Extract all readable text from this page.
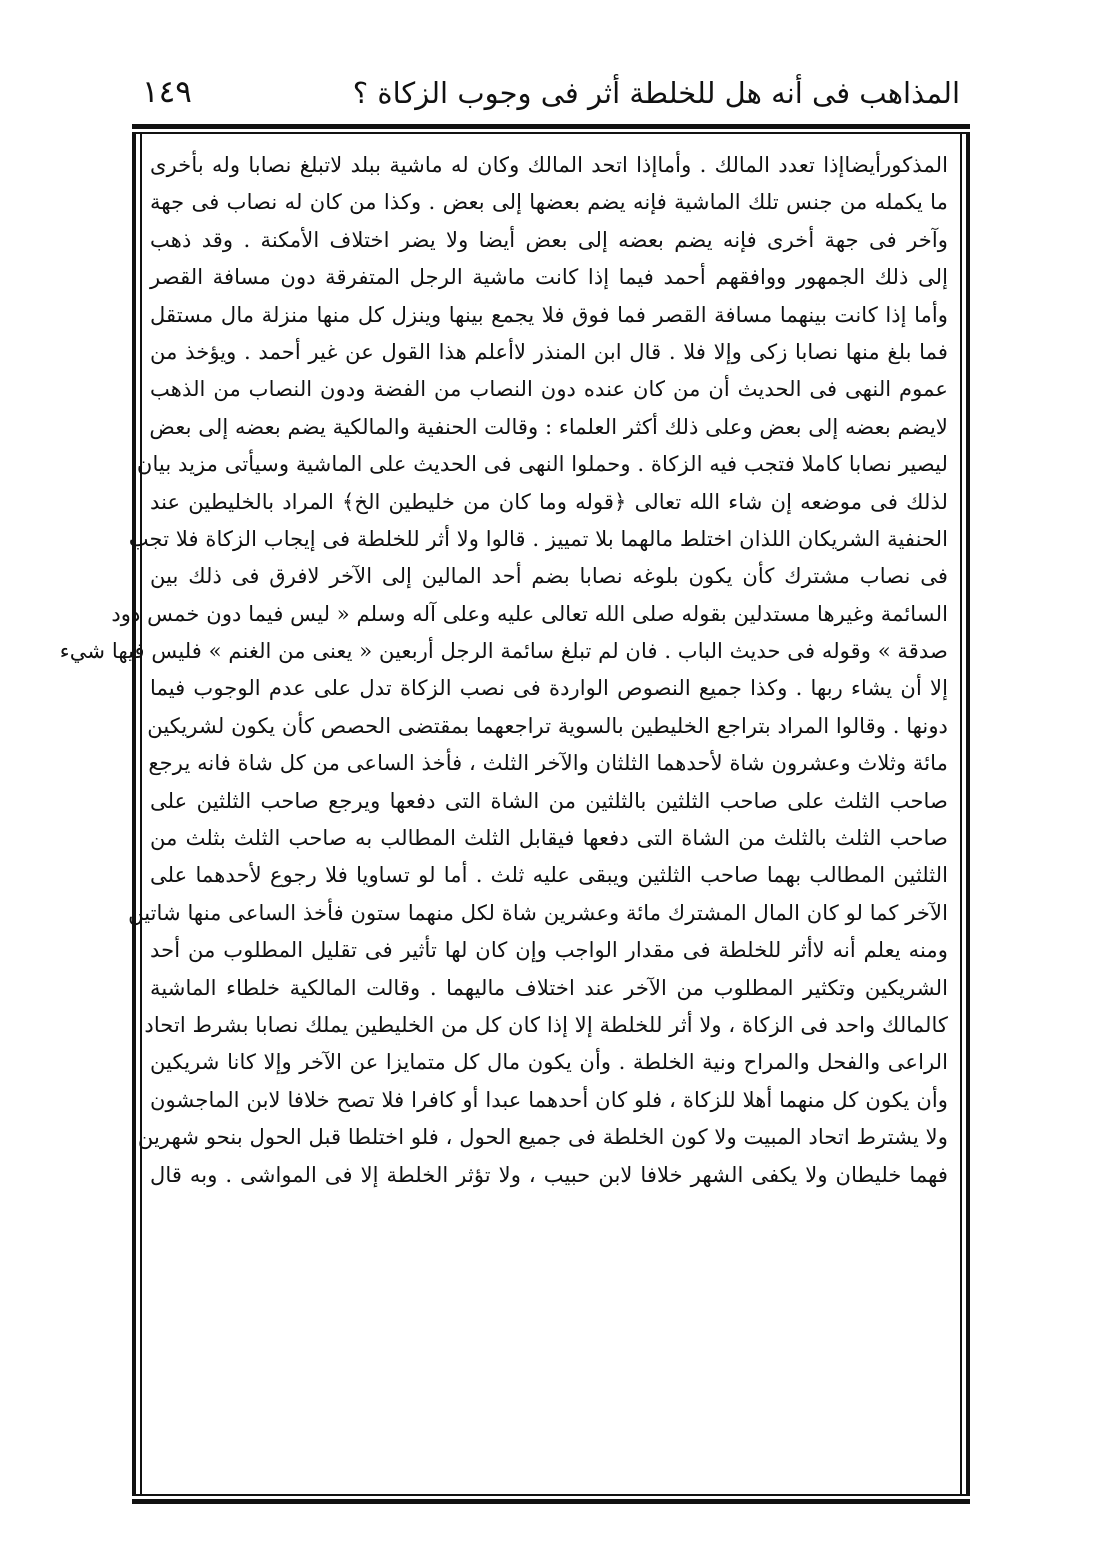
المذاهب فى أنه هل للخلطة أثر فى وجوب الزكاة ؟
١٤٩
المذكورأيضاإذا تعدد المالك . وأماإذا اتحد المالك وكان له ماشية ببلد لاتبلغ نصابا وله بأخرى
ما يكمله من جنس تلك الماشية فإنه يضم بعضها إلى بعض . وكذا من كان له نصاب فى جهة
وآخر فى جهة أخرى فإنه يضم بعضه إلى بعض أيضا ولا يضر اختلاف الأمكنة . وقد ذهب
إلى ذلك الجمهور ووافقهم أحمد فيما إذا كانت ماشية الرجل المتفرقة دون مسافة القصر
وأما إذا كانت بينهما مسافة القصر فما فوق فلا يجمع بينها وينزل كل منها منزلة مال مستقل
فما بلغ منها نصابا زكى وإلا فلا . قال ابن المنذر لاأعلم هذا القول عن غير أحمد . ويؤخذ من
عموم النهى فى الحديث أن من كان عنده دون النصاب من الفضة ودون النصاب من الذهب
لايضم بعضه إلى بعض وعلى ذلك أكثر العلماء : وقالت الحنفية والمالكية يضم بعضه إلى بعض
ليصير نصابا كاملا فتجب فيه الزكاة . وحملوا النهى فى الحديث على الماشية وسيأتى مزيد بيان
لذلك فى موضعه إن شاء الله تعالى ﴿قوله وما كان من خليطين الخ﴾ المراد بالخليطين عند
الحنفية الشريكان اللذان اختلط مالهما بلا تمييز . قالوا ولا أثر للخلطة فى إيجاب الزكاة فلا تجب
فى نصاب مشترك كأن يكون بلوغه نصابا بضم أحد المالين إلى الآخر لافرق فى ذلك بين
السائمة وغيرها مستدلين بقوله صلى الله تعالى عليه وعلى آله وسلم « ليس فيما دون خمس ذود
صدقة » وقوله فى حديث الباب . فان لم تبلغ سائمة الرجل أربعين « يعنى من الغنم » فليس فيها شيء
إلا أن يشاء ربها . وكذا جميع النصوص الواردة فى نصب الزكاة تدل على عدم الوجوب فيما
دونها . وقالوا المراد بتراجع الخليطين بالسوية تراجعهما بمقتضى الحصص كأن يكون لشريكين
مائة وثلاث وعشرون شاة لأحدهما الثلثان والآخر الثلث ، فأخذ الساعى من كل شاة فانه يرجع
صاحب الثلث على صاحب الثلثين بالثلثين من الشاة التى دفعها ويرجع صاحب الثلثين على
صاحب الثلث بالثلث من الشاة التى دفعها فيقابل الثلث المطالب به صاحب الثلث بثلث من
الثلثين المطالب بهما صاحب الثلثين ويبقى عليه ثلث . أما لو تساويا فلا رجوع لأحدهما على
الآخر كما لو كان المال المشترك مائة وعشرين شاة لكل منهما ستون فأخذ الساعى منها شاتين
ومنه يعلم أنه لاأثر للخلطة فى مقدار الواجب وإن كان لها تأثير فى تقليل المطلوب من أحد
الشريكين وتكثير المطلوب من الآخر عند اختلاف ماليهما . وقالت المالكية خلطاء الماشية
كالمالك واحد فى الزكاة ، ولا أثر للخلطة إلا إذا كان كل من الخليطين يملك نصابا بشرط اتحاد
الراعى والفحل والمراح ونية الخلطة . وأن يكون مال كل متمايزا عن الآخر وإلا كانا شريكين
وأن يكون كل منهما أهلا للزكاة ، فلو كان أحدهما عبدا أو كافرا فلا تصح خلافا لابن الماجشون
ولا يشترط اتحاد المبيت ولا كون الخلطة فى جميع الحول ، فلو اختلطا قبل الحول بنحو شهرين
فهما خليطان ولا يكفى الشهر خلافا لابن حبيب ، ولا تؤثر الخلطة إلا فى المواشى . وبه قال
